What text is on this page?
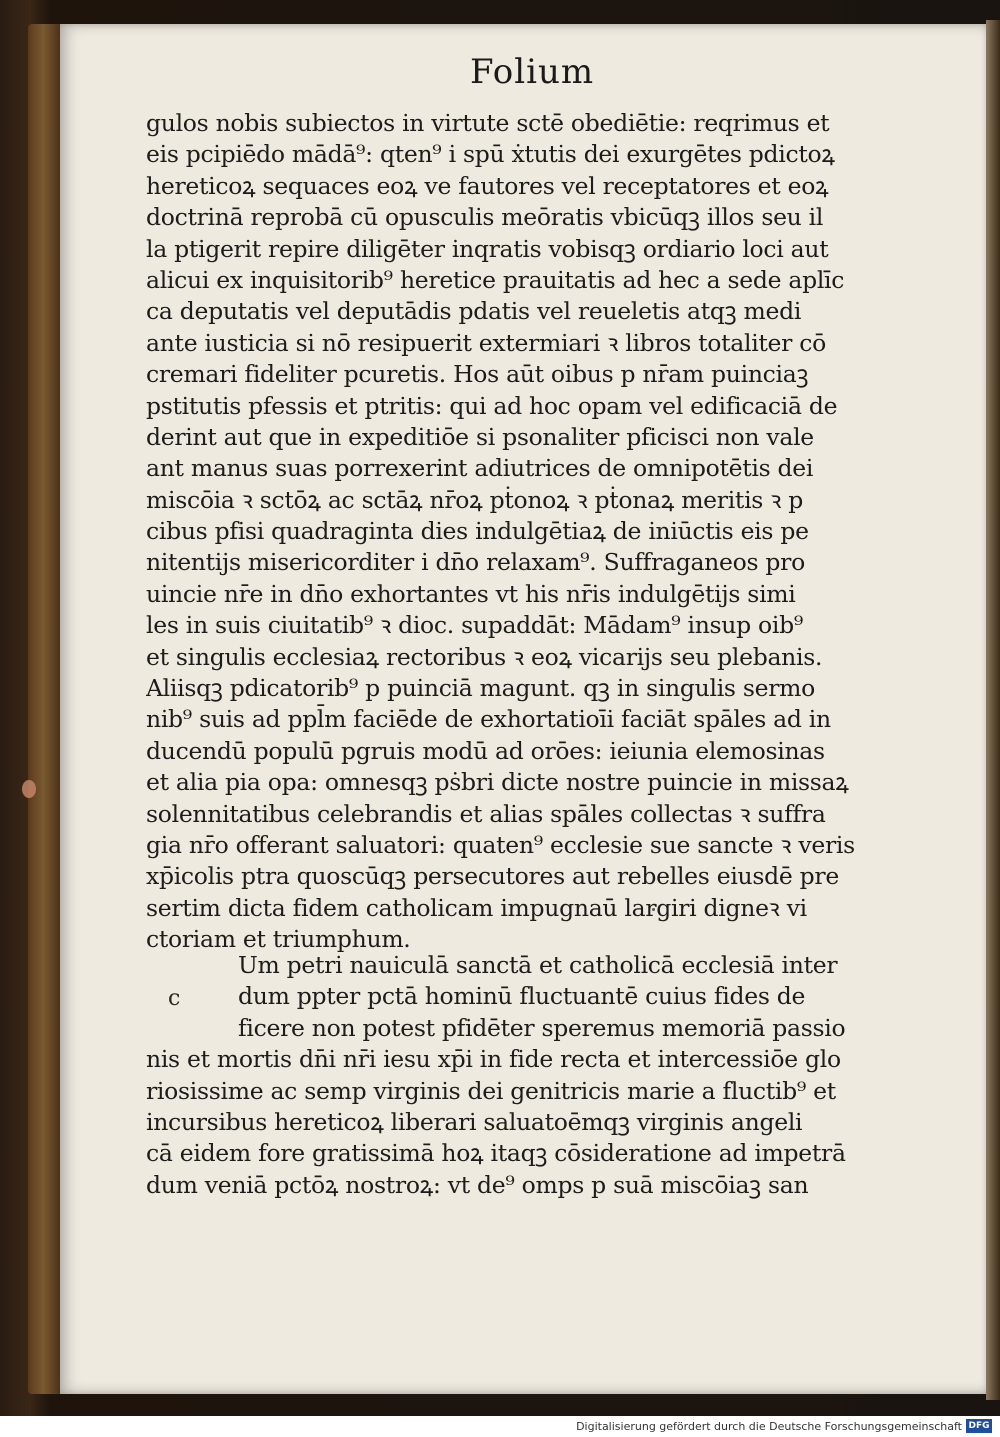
Folium
gulos nobis subiectos in virtute sctē obediētie: reqrimus et
eis pcipiēdo mādā⁹: qten⁹ i spū ẋtutis dei exurgētes pdictoꝝ
hereticoꝝ sequaces eoꝝ ve fautores vel receptatores et eoꝝ
doctrinā reprobā cū opusculis meōratis vbicūqꝫ illos seu il
la ptigerit repire diligēter inqratis vobisqꝫ ordiario loci aut
alicui ex inquisitorib⁹ heretice prauitatis ad hec a sede aplīc
ca deputatis vel deputādis pdatis vel reueletis atqꝫ medi
ante iusticia si nō resipuerit extermiari ꝛ libros totaliter cō
cremari fideliter pcuretis. Hos aūt oibus p nr̄am puinciaꝫ
pstitutis pfessis et ptritis: qui ad hoc opam vel edificaciā de
derint aut que in expeditiōe si psonaliter pficisci non vale
ant manus suas porrexerint adiutrices de omnipotētis dei
miscōia ꝛ sctōꝝ ac sctāꝝ nr̄oꝝ pṫonoꝝ ꝛ pṫonaꝝ meritis ꝛ p
cibus pfisi quadraginta dies indulgētiaꝝ de iniūctis eis pe
nitentijs misericorditer i dn̄o relaxam⁹. Suffraganeos pro
uincie nr̄e in dn̄o exhortantes vt his nr̄is indulgētijs simi
les in suis ciuitatib⁹ ꝛ dioc. supaddāt: Mādam⁹ insup oib⁹
et singulis ecclesiaꝝ rectoribus ꝛ eoꝝ vicarijs seu plebanis.
Aliisqꝫ pdicatorib⁹ p puinciā magunt. qꝫ in singulis sermo
nib⁹ suis ad ppl̄m faciēde de exhortatioīi faciāt spāles ad in
ducendū populū pgruis modū ad orōes: ieiunia elemosinas
et alia pia opa: omnesqꝫ pṡbri dicte nostre puincie in missaꝝ
solennitatibus celebrandis et alias spāles collectas ꝛ suffra
gia nr̄o offerant saluatori: quaten⁹ ecclesie sue sancte ꝛ veris
xp̄icolis ptra quoscūqꝫ persecutores aut rebelles eiusdē pre
sertim dicta fidem catholicam impugnaū largiri digneꝛ vi
ctoriam et triumphum.
c
Um petri nauiculā sanctā et catholicā ecclesiā inter
dum ppter pctā hominū fluctuantē cuius fides de
ficere non potest pfidēter speremus memoriā passio
nis et mortis dn̄i nr̄i iesu xp̄i in fide recta et intercessiōe glo
riosissime ac semp virginis dei genitricis marie a fluctib⁹ et
incursibus hereticoꝝ liberari saluatoēmqꝫ virginis angeli
cā eidem fore gratissimā hoꝝ itaqꝫ cōsideratione ad impetrā
dum veniā pctōꝝ nostroꝝ: vt de⁹ omps p suā miscōiaꝫ san
Digitalisierung gefördert durch die Deutsche Forschungsgemeinschaft DFG
